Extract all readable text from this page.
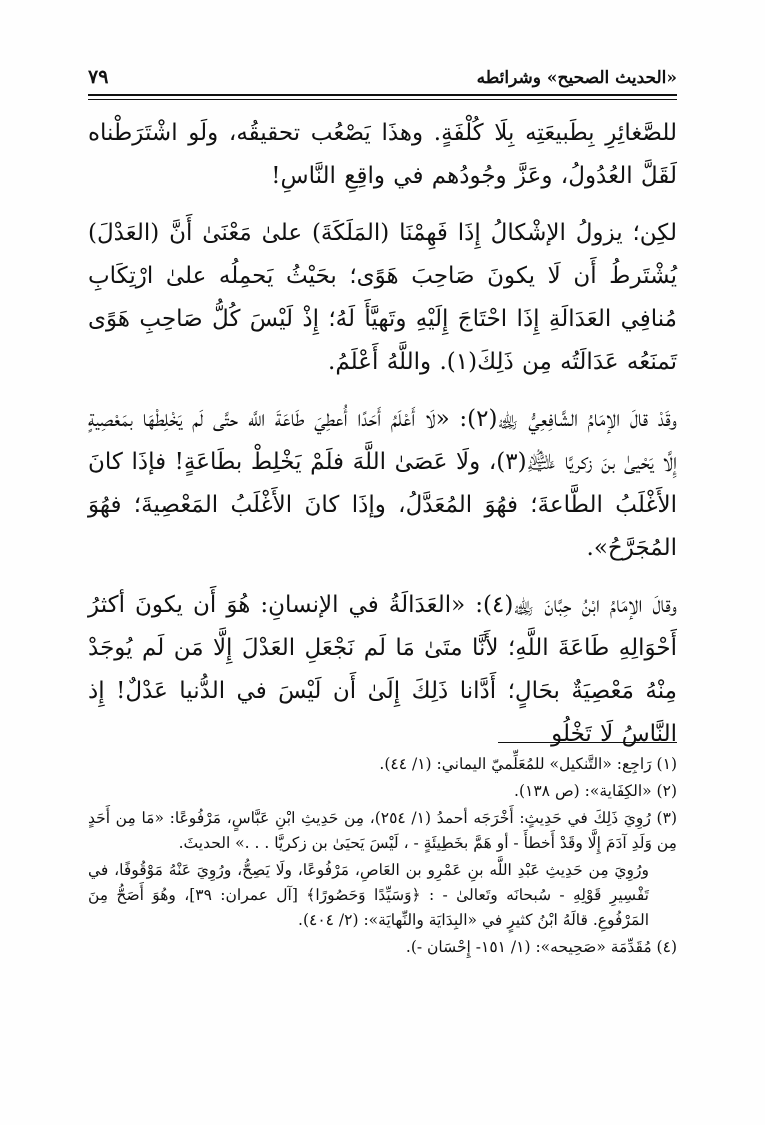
«الحديث الصحيح» وشرائطه
٧٩

للصَّغائِرِ بِطَبيعَتِه بِلَا كُلْفَةٍ. وهذَا يَصْعُب تحقيقُه، ولَو اشْتَرَطْناه لَقَلَّ العُدُولُ، وعَزَّ وجُودُهم في واقِعِ النَّاسِ!

لكِن؛ يزولُ الإشْكالُ إِذَا فَهِمْنَا (المَلَكَةَ) علىٰ مَعْنَىٰ أَنَّ (العَدْلَ) يُشْتَرطُ أَن لَا يكونَ صَاحِبَ هَوًى؛ بحَيْثُ يَحمِلُه علىٰ ارْتِكَابِ مُنافِي العَدَالَةِ إِذَا احْتَاجَ إِلَيْهِ وتَهيَّأَ لَهُ؛ إِذْ لَيْسَ كُلُّ صَاحِبِ هَوًى تَمنَعُه عَدَالَتُه مِن ذَلِكَ(١). واللَّهُ أَعْلَمُ.

وقَدْ قالَ الإمَامُ الشَّافِعِيُّ ﵀(٢): «لَا أَعْلَمُ أَحَدًا أُعطِيَ طَاعَةَ اللَّه حتَّى لَم يَخْلِطْهَا بمَعْصِيةٍ إِلَّا يَحْيىٰ بنَ زكريَّا ﵇(٣)، ولَا عَصَىٰ اللَّهَ فلَمْ يَخْلِطْ بطَاعَةٍ! فإذَا كانَ الأَغْلَبُ الطَّاعةَ؛ فهُوَ المُعَدَّلُ، وإذَا كانَ الأَغْلَبُ المَعْصِيةَ؛ فهُوَ المُجَرَّحُ».

وقالَ الإمَامُ ابْنُ حِبَّانَ ﵀(٤): «العَدَالَةُ في الإنسانِ: هُوَ أَن يكونَ أكثرُ أَحْوَالِهِ طَاعَةَ اللَّهِ؛ لأَنَّا متَىٰ مَا لَم نَجْعَلِ العَدْلَ إِلَّا مَن لَم يُوجَدْ مِنْهُ مَعْصِيَةٌ بحَالٍ؛ أَدَّانا ذَلِكَ إِلَىٰ أَن لَيْسَ في الدُّنيا عَدْلٌ! إِذ النَّاسُ لَا تَخْلُو

(١) رَاجِع: «التَّنكيل» للمُعَلِّميّ اليماني: (١/ ٤٤).

(٢) «الكِفَاية»: (ص ١٣٨).

(٣) رُوِيَ ذَلِكَ في حَدِيثٍ: أَخْرَجَه أحمدُ (١/ ٢٥٤)، مِن حَدِيثِ ابْنِ عَبَّاسٍ، مَرْفُوعًا: «مَا مِن أَحَدٍ مِن وَلَدِ آدَمَ إِلَّا وقَدْ أَخطأَ - أو هَمَّ بخَطِيئَةٍ - ، لَيْسَ يَحيَىٰ بن زكريَّا . . .» الحديثَ.

ورُوِيَ مِن حَدِيثِ عَبْدِ اللَّه بنِ عَمْرِو بن العَاصِ، مَرْفُوعًا، ولَا يَصِحُّ، ورُوِيَ عَنْهُ مَوْقُوفًا، في تَفْسِيرِ قَوْلِهِ - سُبحانَه وتَعالىٰ - : ﴿وَسَيِّدًا وَحَصُورًا﴾ [آل عمران: ٣٩]، وهُوَ أَصَحُّ مِنَ المَرْفُوعِ. قالَهُ ابْنُ كثيرٍ في «البِدَايَة والنِّهايَة»: (٢/ ٤٠٤).

(٤) مُقَدِّمَة «صَحِيحه»: (١/ ١٥١- إِحْسَان -).
